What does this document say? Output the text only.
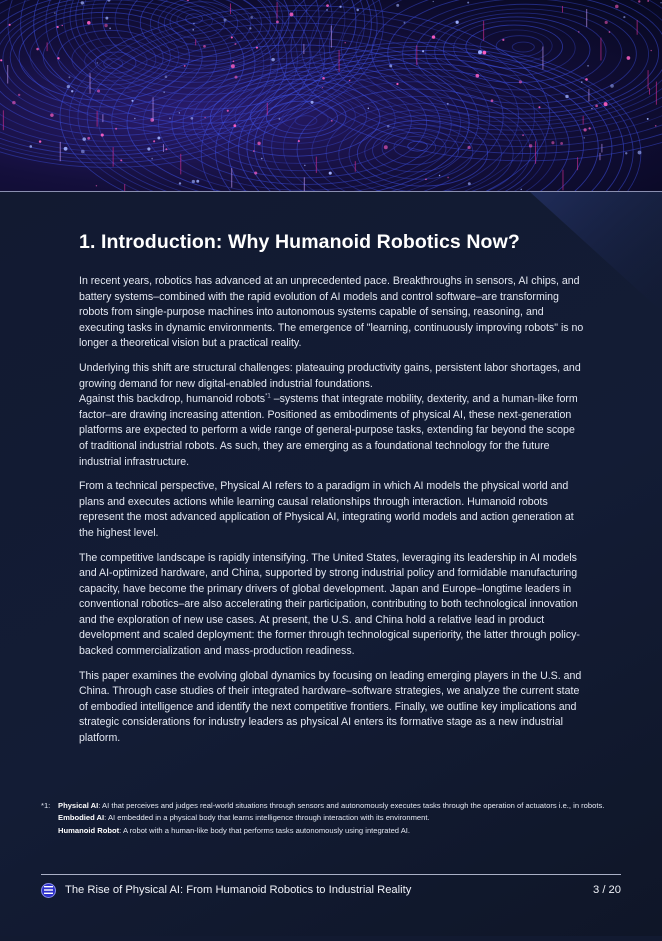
1. Introduction: Why Humanoid Robotics Now?

In recent years, robotics has advanced at an unprecedented pace. Breakthroughs in sensors, AI chips, and battery systems–combined with the rapid evolution of AI models and control software–are transforming robots from single-purpose machines into autonomous systems capable of sensing, reasoning, and executing tasks in dynamic environments. The emergence of "learning, continuously improving robots" is no longer a theoretical vision but a practical reality.

Underlying this shift are structural challenges: plateauing productivity gains, persistent labor shortages, and growing demand for new digital-enabled industrial foundations.
Against this backdrop, humanoid robots$^{*1}$ –systems that integrate mobility, dexterity, and a human-like form factor–are drawing increasing attention. Positioned as embodiments of physical AI, these next-generation platforms are expected to perform a wide range of general-purpose tasks, extending far beyond the scope of traditional industrial robots. As such, they are emerging as a foundational technology for the future industrial infrastructure.

From a technical perspective, Physical AI refers to a paradigm in which AI models the physical world and plans and executes actions while learning causal relationships through interaction. Humanoid robots represent the most advanced application of Physical AI, integrating world models and action generation at the highest level.

The competitive landscape is rapidly intensifying. The United States, leveraging its leadership in AI models and AI-optimized hardware, and China, supported by strong industrial policy and formidable manufacturing capacity, have become the primary drivers of global development. Japan and Europe–longtime leaders in conventional robotics–are also accelerating their participation, contributing to both technological innovation and the exploration of new use cases. At present, the U.S. and China hold a relative lead in product development and scaled deployment: the former through technological superiority, the latter through policy-backed commercialization and mass-production readiness.

This paper examines the evolving global dynamics by focusing on leading emerging players in the U.S. and China. Through case studies of their integrated hardware–software strategies, we analyze the current state of embodied intelligence and identify the next competitive frontiers. Finally, we outline key implications and strategic considerations for industry leaders as physical AI enters its formative stage as a new industrial platform.

*1:	Physical AI: AI that perceives and judges real-world situations through sensors and autonomously executes tasks through the operation of actuators i.e., in robots.
Embodied AI: AI embedded in a physical body that learns intelligence through interaction with its environment.
Humanoid Robot: A robot with a human-like body that performs tasks autonomously using integrated AI.
The Rise of Physical AI: From Humanoid Robotics to Industrial Reality	3 / 20
